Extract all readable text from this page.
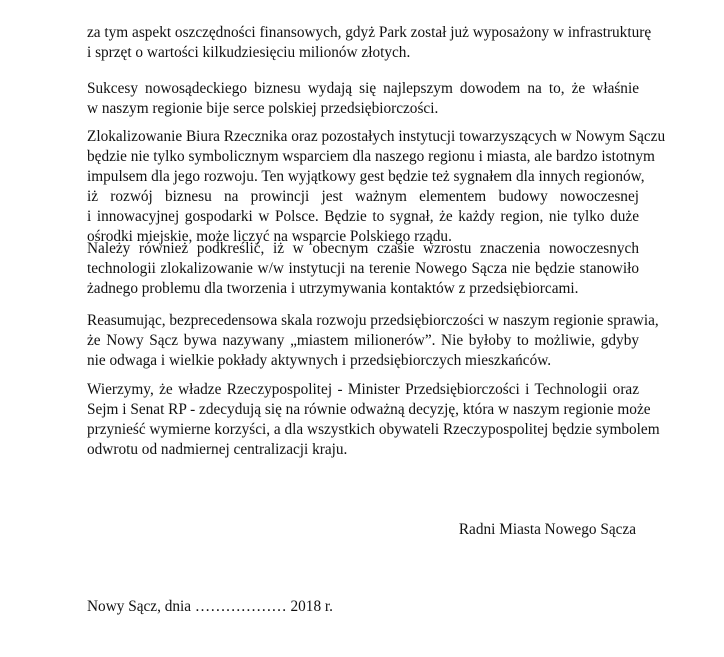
za tym aspekt oszczędności finansowych, gdyż Park został już wyposażony w infrastrukturę
i sprzęt o wartości kilkudziesięciu milionów złotych.

Sukcesy nowosądeckiego biznesu wydają się najlepszym dowodem na to, że właśnie
w naszym regionie bije serce polskiej przedsiębiorczości.

Zlokalizowanie Biura Rzecznika oraz pozostałych instytucji towarzyszących w Nowym Sączu
będzie nie tylko symbolicznym wsparciem dla naszego regionu i miasta, ale bardzo istotnym
impulsem dla jego rozwoju. Ten wyjątkowy gest będzie też sygnałem dla innych regionów,
iż rozwój biznesu na prowincji jest ważnym elementem budowy nowoczesnej
i innowacyjnej gospodarki w Polsce. Będzie to sygnał, że każdy region, nie tylko duże
ośrodki miejskie, może liczyć na wsparcie Polskiego rządu.

Należy również podkreślić, iż w obecnym czasie wzrostu znaczenia nowoczesnych
technologii zlokalizowanie w/w instytucji na terenie Nowego Sącza nie będzie stanowiło
żadnego problemu dla tworzenia i utrzymywania kontaktów z przedsiębiorcami.

Reasumując, bezprecedensowa skala rozwoju przedsiębiorczości w naszym regionie sprawia,
że Nowy Sącz bywa nazywany „miastem milionerów”. Nie byłoby to możliwie, gdyby
nie odwaga i wielkie pokłady aktywnych i przedsiębiorczych mieszkańców.

Wierzymy, że władze Rzeczypospolitej - Minister Przedsiębiorczości i Technologii oraz
Sejm i Senat RP - zdecydują się na równie odważną decyzję, która w naszym regionie może
przynieść wymierne korzyści, a dla wszystkich obywateli Rzeczypospolitej będzie symbolem
odwrotu od nadmiernej centralizacji kraju.

Radni Miasta Nowego Sącza

Nowy Sącz, dnia ……………… 2018 r.
